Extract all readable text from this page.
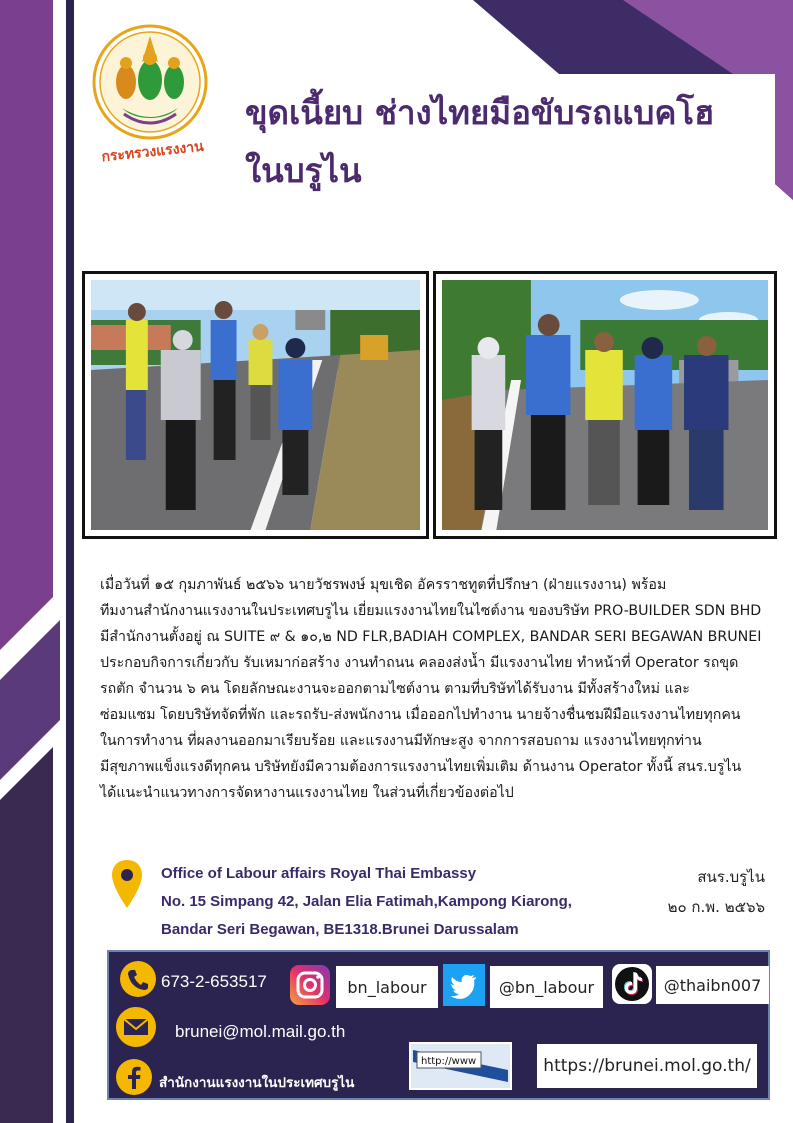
กระทรวงแรงงาน
ขุดเนี้ยบ ช่างไทยมือขับรถแบคโฮ
ในบรูไน
เมื่อวันที่ ๑๕ กุมภาพันธ์ ๒๕๖๖ นายวัชรพงษ์ มุขเชิด อัครราชทูตที่ปรึกษา (ฝ่ายแรงงาน) พร้อม
ทีมงานสำนักงานแรงงานในประเทศบรูไน เยี่ยมแรงงานไทยในไซต์งาน ของบริษัท PRO-BUILDER SDN BHD
มีสำนักงานตั้งอยู่ ณ SUITE ๙ & ๑๐,๒ ND FLR,BADIAH COMPLEX, BANDAR SERI BEGAWAN BRUNEI
ประกอบกิจการเกี่ยวกับ รับเหมาก่อสร้าง งานทำถนน คลองส่งน้ำ มีแรงงานไทย ทำหน้าที่ Operator รถขุด
รถตัก จำนวน ๖ คน โดยลักษณะงานจะออกตามไซต์งาน ตามที่บริษัทได้รับงาน มีทั้งสร้างใหม่ และ
ซ่อมแซม โดยบริษัทจัดที่พัก และรถรับ-ส่งพนักงาน เมื่อออกไปทำงาน นายจ้างชื่นชมฝีมือแรงงานไทยทุกคน
ในการทำงาน ที่ผลงานออกมาเรียบร้อย และแรงงานมีทักษะสูง จากการสอบถาม แรงงานไทยทุกท่าน
มีสุขภาพแข็งแรงดีทุกคน บริษัทยังมีความต้องการแรงงานไทยเพิ่มเติม ด้านงาน Operator ทั้งนี้ สนร.บรูไน
ได้แนะนำแนวทางการจัดหางานแรงงานไทย ในส่วนที่เกี่ยวข้องต่อไป
Office of Labour affairs Royal Thai Embassy
No. 15 Simpang 42, Jalan Elia Fatimah,Kampong Kiarong,
Bandar Seri Begawan, BE1318.Brunei Darussalam
สนร.บรูไน
๒๐ ก.พ. ๒๕๖๖
673-2-653517	bn_labour	@bn_labour	@thaibn007
brunei@mol.mail.go.th
สำนักงานแรงงานในประเทศบรูไน
http://www	https://brunei.mol.go.th/
